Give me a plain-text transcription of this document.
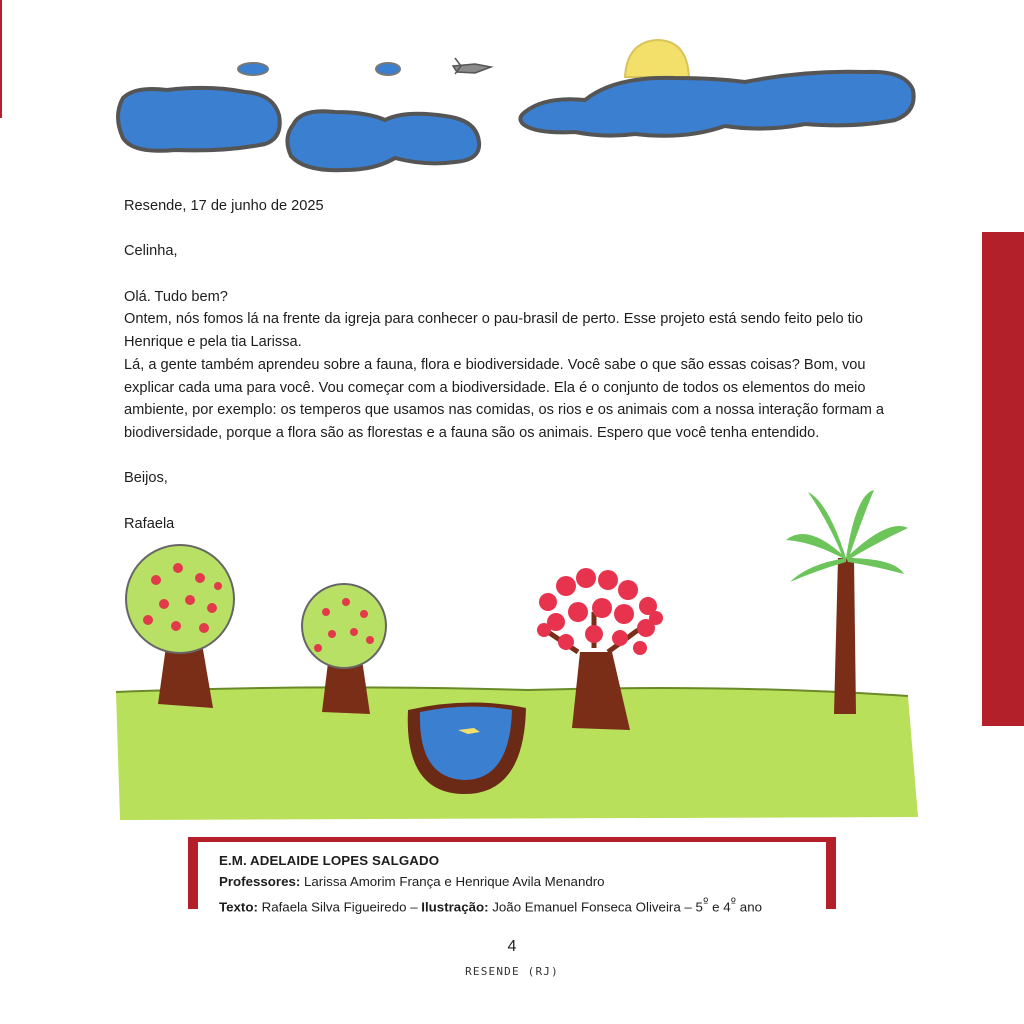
Resende, 17 de junho de 2025

Celinha,

Olá. Tudo bem?

Ontem, nós fomos lá na frente da igreja para conhecer o pau-brasil de perto. Esse projeto está sendo feito pelo tio Henrique e pela tia Larissa.

Lá, a gente também aprendeu sobre a fauna, flora e biodiversidade. Você sabe o que são essas coisas? Bom, vou explicar cada uma para você. Vou começar com a biodiversidade. Ela é o conjunto de todos os elementos do meio ambiente, por exemplo: os temperos que usamos nas comidas, os rios e os animais com a nossa interação formam a biodiversidade, porque a flora são as florestas e a fauna são os animais. Espero que você tenha entendido.

Beijos,

Rafaela

E.M. ADELAIDE LOPES SALGADO
Professores: Larissa Amorim França e Henrique Avila Menandro
Texto: Rafaela Silva Figueiredo – Ilustração: João Emanuel Fonseca Oliveira – $5^º$ e $4^º$ ano
4
RESENDE (RJ)
